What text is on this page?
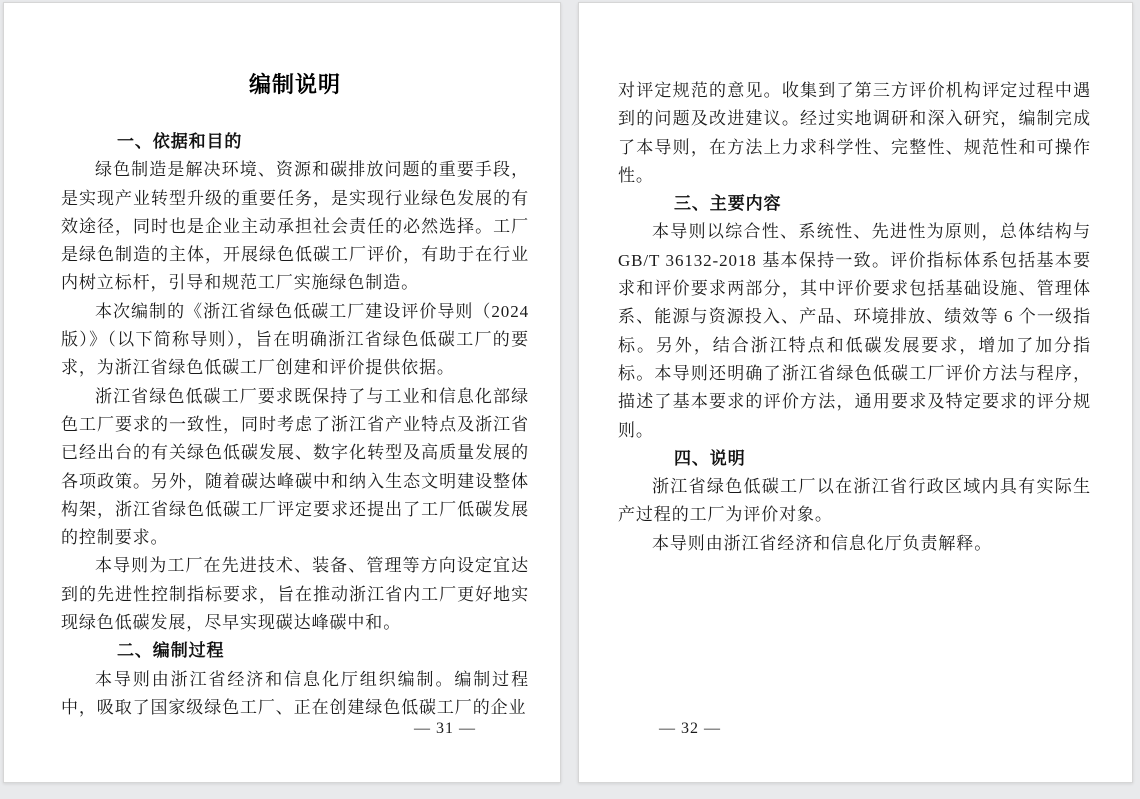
编制说明
一、依据和目的

绿色制造是解决环境、资源和碳排放问题的重要手段，是实现产业转型升级的重要任务，是实现行业绿色发展的有效途径，同时也是企业主动承担社会责任的必然选择。工厂是绿色制造的主体，开展绿色低碳工厂评价，有助于在行业内树立标杆，引导和规范工厂实施绿色制造。

本次编制的《浙江省绿色低碳工厂建设评价导则（2024版）》（以下简称导则），旨在明确浙江省绿色低碳工厂的要求，为浙江省绿色低碳工厂创建和评价提供依据。

浙江省绿色低碳工厂要求既保持了与工业和信息化部绿色工厂要求的一致性，同时考虑了浙江省产业特点及浙江省已经出台的有关绿色低碳发展、数字化转型及高质量发展的各项政策。另外，随着碳达峰碳中和纳入生态文明建设整体构架，浙江省绿色低碳工厂评定要求还提出了工厂低碳发展的控制要求。

本导则为工厂在先进技术、装备、管理等方向设定宜达到的先进性控制指标要求，旨在推动浙江省内工厂更好地实现绿色低碳发展，尽早实现碳达峰碳中和。

二、编制过程

本导则由浙江省经济和信息化厅组织编制。编制过程中，吸取了国家级绿色工厂、正在创建绿色低碳工厂的企业

— 31 —

对评定规范的意见。收集到了第三方评价机构评定过程中遇到的问题及改进建议。经过实地调研和深入研究，编制完成了本导则，在方法上力求科学性、完整性、规范性和可操作性。

三、主要内容

本导则以综合性、系统性、先进性为原则，总体结构与GB/T 36132-2018 基本保持一致。评价指标体系包括基本要求和评价要求两部分，其中评价要求包括基础设施、管理体系、能源与资源投入、产品、环境排放、绩效等 6 个一级指标。另外，结合浙江特点和低碳发展要求，增加了加分指标。本导则还明确了浙江省绿色低碳工厂评价方法与程序，描述了基本要求的评价方法，通用要求及特定要求的评分规则。

四、说明

浙江省绿色低碳工厂以在浙江省行政区域内具有实际生产过程的工厂为评价对象。

本导则由浙江省经济和信息化厅负责解释。

— 32 —
